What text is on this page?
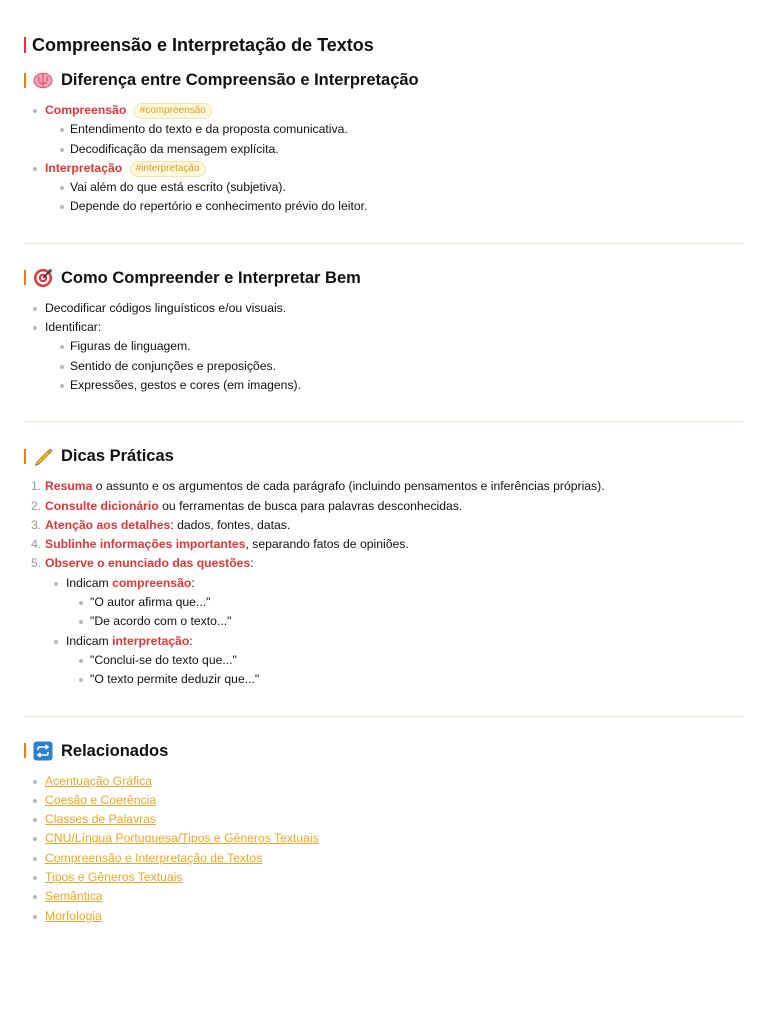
Compreensão e Interpretação de Textos
Diferença entre Compreensão e Interpretação
Compreensão #compreensão
Entendimento do texto e da proposta comunicativa.
Decodificação da mensagem explícita.
Interpretação #interpretação
Vai além do que está escrito (subjetiva).
Depende do repertório e conhecimento prévio do leitor.
Como Compreender e Interpretar Bem
Decodificar códigos linguísticos e/ou visuais.
Identificar:
Figuras de linguagem.
Sentido de conjunções e preposições.
Expressões, gestos e cores (em imagens).
Dicas Práticas
1. Resuma o assunto e os argumentos de cada parágrafo (incluindo pensamentos e inferências próprias).
2. Consulte dicionário ou ferramentas de busca para palavras desconhecidas.
3. Atenção aos detalhes: dados, fontes, datas.
4. Sublinhe informações importantes, separando fatos de opiniões.
5. Observe o enunciado das questões:
Indicam compreensão:
"O autor afirma que..."
"De acordo com o texto..."
Indicam interpretação:
"Conclui-se do texto que..."
"O texto permite deduzir que..."
Relacionados
Acentuação Gráfica
Coesão e Coerência
Classes de Palavras
CNU/Língua Portuguesa/Tipos e Gêneros Textuais
Compreensão e Interpretação de Textos
Tipos e Gêneros Textuais
Semântica
Morfologia
